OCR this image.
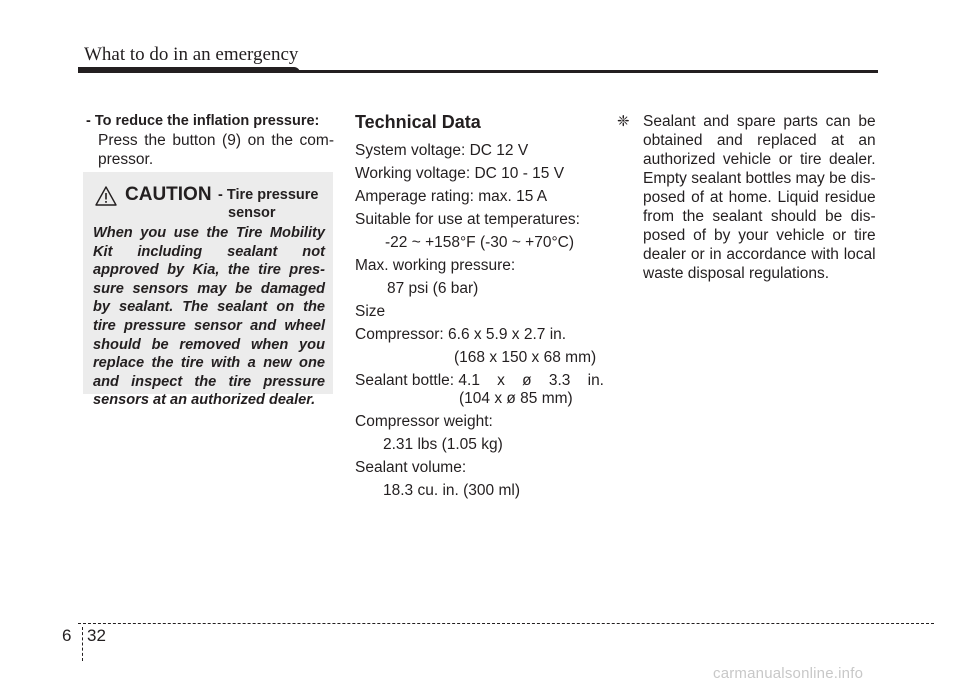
What to do in an emergency
- To reduce the inflation pressure:
Press the button (9) on the com-
pressor.
CAUTION - Tire pressure
sensor
When you use the Tire Mobility
Kit including sealant not
approved by Kia, the tire pres-
sure sensors may be damaged
by sealant. The sealant on the
tire pressure sensor and wheel
should be removed when you
replace the tire with a new one
and inspect the tire pressure
sensors at an authorized dealer.
Technical Data
System voltage: DC 12 V
Working voltage: DC 10 - 15 V
Amperage rating: max. 15 A
Suitable for use at temperatures:
-22 ~ +158°F (-30 ~ +70°C)
Max. working pressure:
87 psi (6 bar)
Size
Compressor: 6.6 x 5.9 x 2.7 in.
(168 x 150 x 68 mm)
Sealant bottle: 4.1    x    ø    3.3    in.
(104 x ø 85 mm)
Compressor weight:
2.31 lbs (1.05 kg)
Sealant volume:
18.3 cu. in. (300 ml)
❈ Sealant and spare parts can be
obtained and replaced at an
authorized vehicle or tire dealer.
Empty sealant bottles may be dis-
posed of at home. Liquid residue
from the sealant should be dis-
posed of by your vehicle or tire
dealer or in accordance with local
waste disposal regulations.
6 32
carmanualsonline.info
